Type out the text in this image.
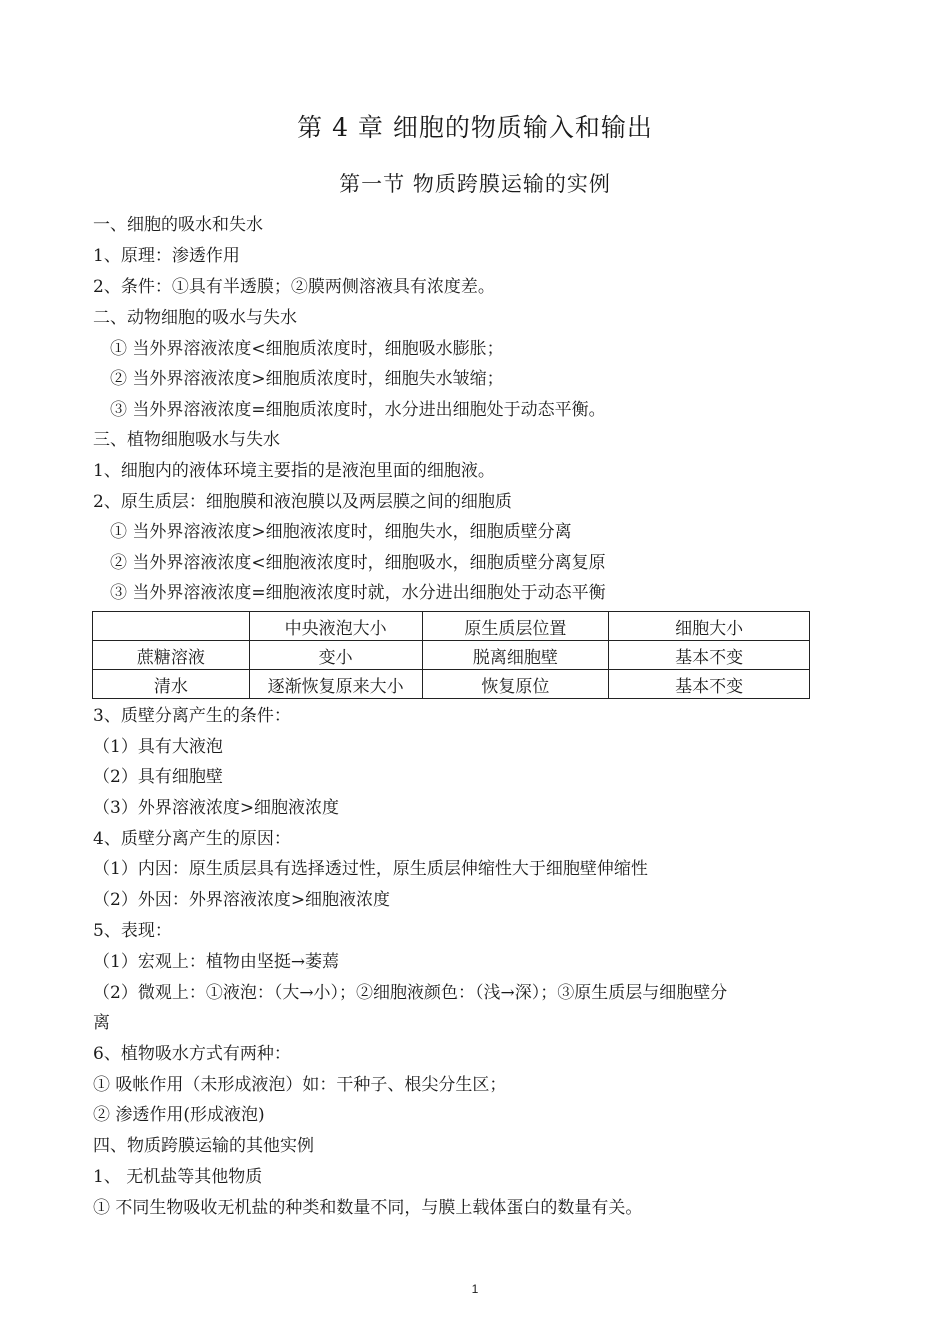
第 4 章 细胞的物质输入和输出
第一节 物质跨膜运输的实例
一、细胞的吸水和失水
1、原理：渗透作用
2、条件：①具有半透膜；②膜两侧溶液具有浓度差。
二、动物细胞的吸水与失水
① 当外界溶液浓度<细胞质浓度时，细胞吸水膨胀；
② 当外界溶液浓度>细胞质浓度时，细胞失水皱缩；
③ 当外界溶液浓度=细胞质浓度时，水分进出细胞处于动态平衡。
三、植物细胞吸水与失水
1、细胞内的液体环境主要指的是液泡里面的细胞液。
2、原生质层：细胞膜和液泡膜以及两层膜之间的细胞质
① 当外界溶液浓度>细胞液浓度时，细胞失水，细胞质壁分离
② 当外界溶液浓度<细胞液浓度时，细胞吸水，细胞质壁分离复原
③ 当外界溶液浓度=细胞液浓度时就，水分进出细胞处于动态平衡
	中央液泡大小	原生质层位置	细胞大小
蔗糖溶液	变小	脱离细胞壁	基本不变
清水	逐渐恢复原来大小	恢复原位	基本不变
3、质壁分离产生的条件：
（1）具有大液泡
（2）具有细胞壁
（3）外界溶液浓度>细胞液浓度
4、质壁分离产生的原因：
（1）内因：原生质层具有选择透过性，原生质层伸缩性大于细胞壁伸缩性
（2）外因：外界溶液浓度>细胞液浓度
5、表现：
（1）宏观上：植物由坚挺→萎蔫
（2）微观上：①液泡：（大→小）；②细胞液颜色：（浅→深）；③原生质层与细胞壁分
离
6、植物吸水方式有两种：
① 吸帐作用（未形成液泡）如：干种子、根尖分生区；
② 渗透作用(形成液泡)
四、物质跨膜运输的其他实例
1、 无机盐等其他物质
① 不同生物吸收无机盐的种类和数量不同，与膜上载体蛋白的数量有关。
1
